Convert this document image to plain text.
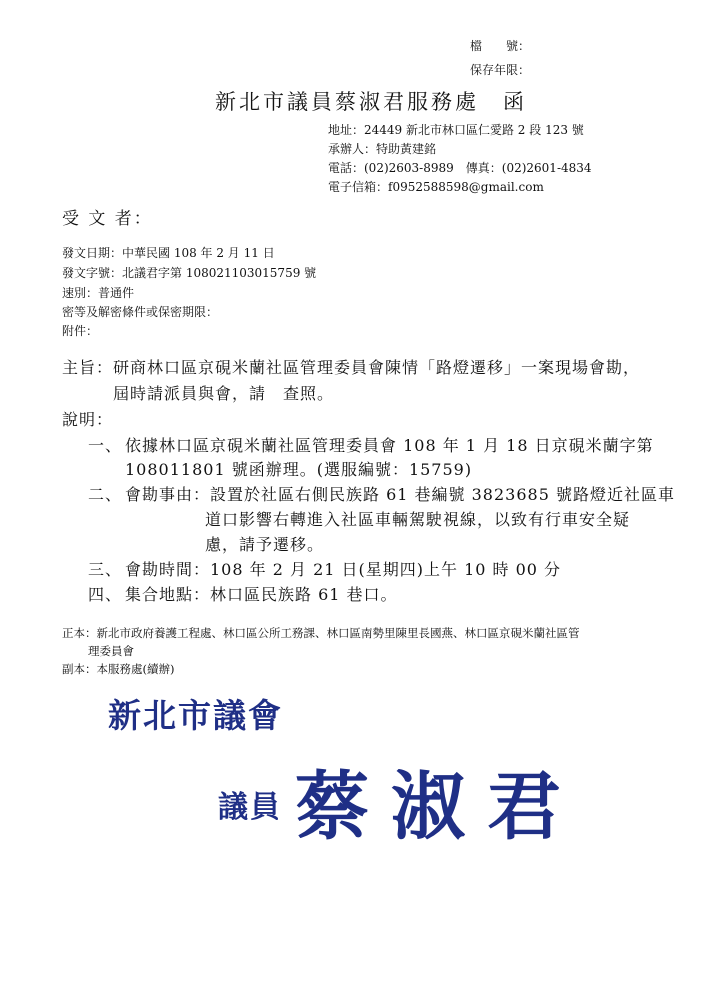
檔　　號：
保存年限：
新北市議員蔡淑君服務處　函
地址：24449 新北市林口區仁愛路 2 段 123 號
承辦人：特助黃建銘
電話：(02)2603-8989　傳真：(02)2601-4834
電子信箱：f0952588598@gmail.com
受 文 者：
發文日期：中華民國 108 年 2 月 11 日
發文字號：北議君字第 108021103015759 號
速別：普通件
密等及解密條件或保密期限：
附件：
主旨：研商林口區京硯米蘭社區管理委員會陳情「路燈遷移」一案現場會勘，
屆時請派員與會，請　查照。
說明：
一、 依據林口區京硯米蘭社區管理委員會 108 年 1 月 18 日京硯米蘭字第
108011801 號函辦理。(選服編號：15759)
二、 會勘事由：設置於社區右側民族路 61 巷編號 3823685 號路燈近社區車
道口影響右轉進入社區車輛駕駛視線，以致有行車安全疑
慮，請予遷移。
三、 會勘時間：108 年 2 月 21 日(星期四)上午 10 時 00 分
四、 集合地點：林口區民族路 61 巷口。
正本：新北市政府養護工程處、林口區公所工務課、林口區南勢里陳里長國燕、林口區京硯米蘭社區管
理委員會
副本：本服務處(續辦)
新北市議會
議員 蔡淑君
